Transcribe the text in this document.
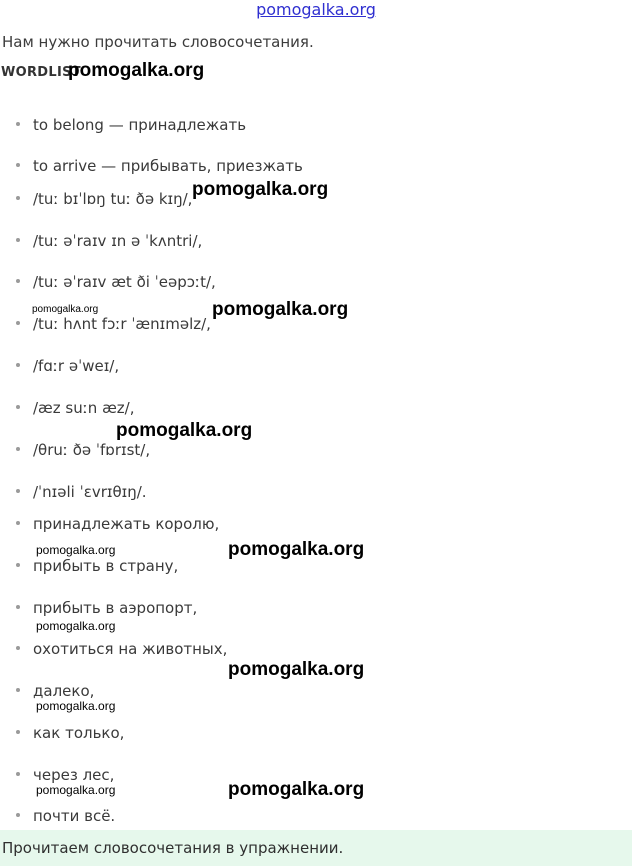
pomogalka.org
Нам нужно прочитать словосочетания.
WORDLIST
to belong — принадлежать
to arrive — прибывать, приезжать
/tuː bɪˈlɒŋ tuː ðə kɪŋ/,
/tuː əˈraɪv ɪn ə ˈkʌntri/,
/tuː əˈraɪv æt ði ˈeəpɔːt/,
/tuː hʌnt fɔːr ˈænɪməlz/,
/fɑːr əˈweɪ/,
/æz suːn æz/,
/θruː ðə ˈfɒrɪst/,
/ˈnɪəli ˈɛvrɪθɪŋ/.
принадлежать королю,
прибыть в страну,
прибыть в аэропорт,
охотиться на животных,
далеко,
как только,
через лес,
почти всё.
Прочитаем словосочетания в упражнении.
pomogalka.org
pomogalka.org
pomogalka.org	pomogalka.org
pomogalka.org
pomogalka.org	pomogalka.org
pomogalka.org
pomogalka.org
pomogalka.org
pomogalka.org	pomogalka.org
